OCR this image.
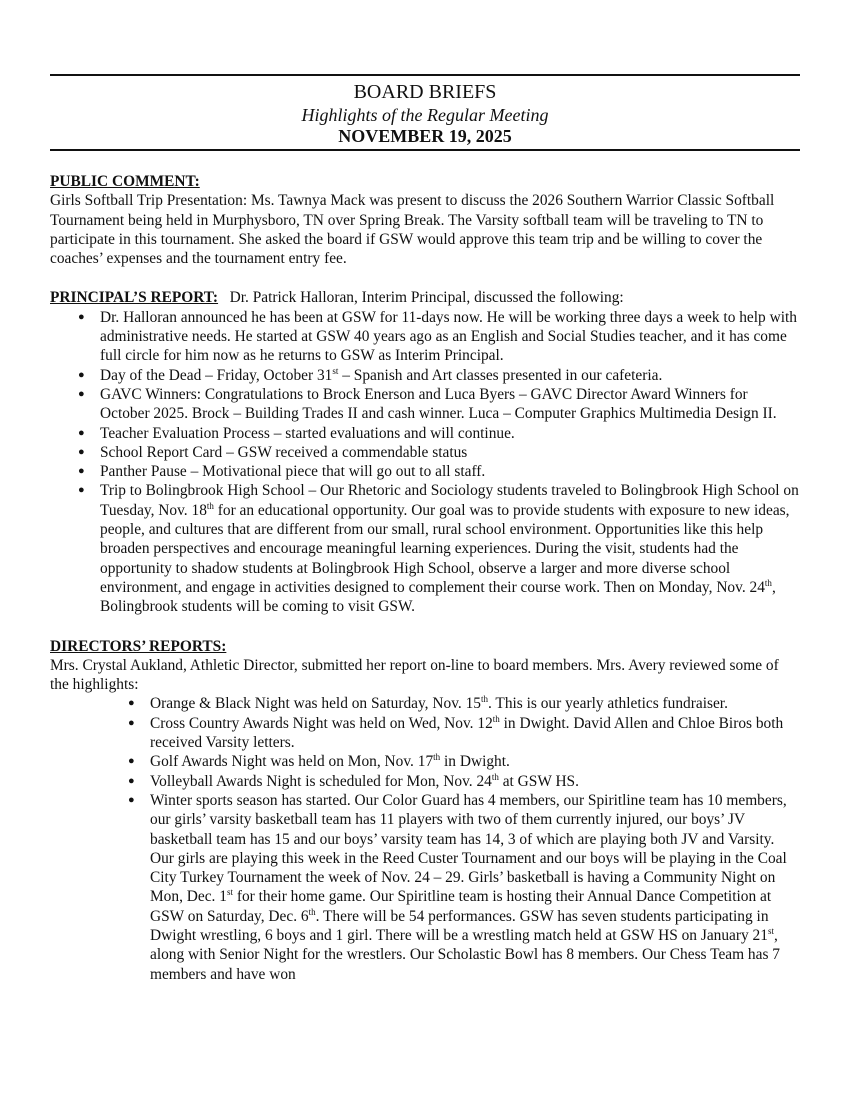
BOARD BRIEFS
Highlights of the Regular Meeting
NOVEMBER 19, 2025
PUBLIC COMMENT:

Girls Softball Trip Presentation: Ms. Tawnya Mack was present to discuss the 2026 Southern Warrior Classic Softball Tournament being held in Murphysboro, TN over Spring Break. The Varsity softball team will be traveling to TN to participate in this tournament. She asked the board if GSW would approve this team trip and be willing to cover the coaches’ expenses and the tournament entry fee.

PRINCIPAL’S REPORT: Dr. Patrick Halloran, Interim Principal, discussed the following:

● Dr. Halloran announced he has been at GSW for 11-days now. He will be working three days a week to help with administrative needs. He started at GSW 40 years ago as an English and Social Studies teacher, and it has come full circle for him now as he returns to GSW as Interim Principal.
● Day of the Dead – Friday, October 31st – Spanish and Art classes presented in our cafeteria.
● GAVC Winners: Congratulations to Brock Enerson and Luca Byers – GAVC Director Award Winners for October 2025. Brock – Building Trades II and cash winner. Luca – Computer Graphics Multimedia Design II.
● Teacher Evaluation Process – started evaluations and will continue.
● School Report Card – GSW received a commendable status
● Panther Pause – Motivational piece that will go out to all staff.
● Trip to Bolingbrook High School – Our Rhetoric and Sociology students traveled to Bolingbrook High School on Tuesday, Nov. 18th for an educational opportunity. Our goal was to provide students with exposure to new ideas, people, and cultures that are different from our small, rural school environment. Opportunities like this help broaden perspectives and encourage meaningful learning experiences. During the visit, students had the opportunity to shadow students at Bolingbrook High School, observe a larger and more diverse school environment, and engage in activities designed to complement their course work. Then on Monday, Nov. 24th, Bolingbrook students will be coming to visit GSW.
DIRECTORS’ REPORTS:

Mrs. Crystal Aukland, Athletic Director, submitted her report on-line to board members. Mrs. Avery reviewed some of the highlights:

● Orange & Black Night was held on Saturday, Nov. 15th. This is our yearly athletics fundraiser.
● Cross Country Awards Night was held on Wed, Nov. 12th in Dwight. David Allen and Chloe Biros both received Varsity letters.
● Golf Awards Night was held on Mon, Nov. 17th in Dwight.
● Volleyball Awards Night is scheduled for Mon, Nov. 24th at GSW HS.
● Winter sports season has started. Our Color Guard has 4 members, our Spiritline team has 10 members, our girls’ varsity basketball team has 11 players with two of them currently injured, our boys’ JV basketball team has 15 and our boys’ varsity team has 14, 3 of which are playing both JV and Varsity. Our girls are playing this week in the Reed Custer Tournament and our boys will be playing in the Coal City Turkey Tournament the week of Nov. 24 – 29. Girls’ basketball is having a Community Night on Mon, Dec. 1st for their home game. Our Spiritline team is hosting their Annual Dance Competition at GSW on Saturday, Dec. 6th. There will be 54 performances. GSW has seven students participating in Dwight wrestling, 6 boys and 1 girl. There will be a wrestling match held at GSW HS on January 21st, along with Senior Night for the wrestlers. Our Scholastic Bowl has 8 members. Our Chess Team has 7 members and have won
